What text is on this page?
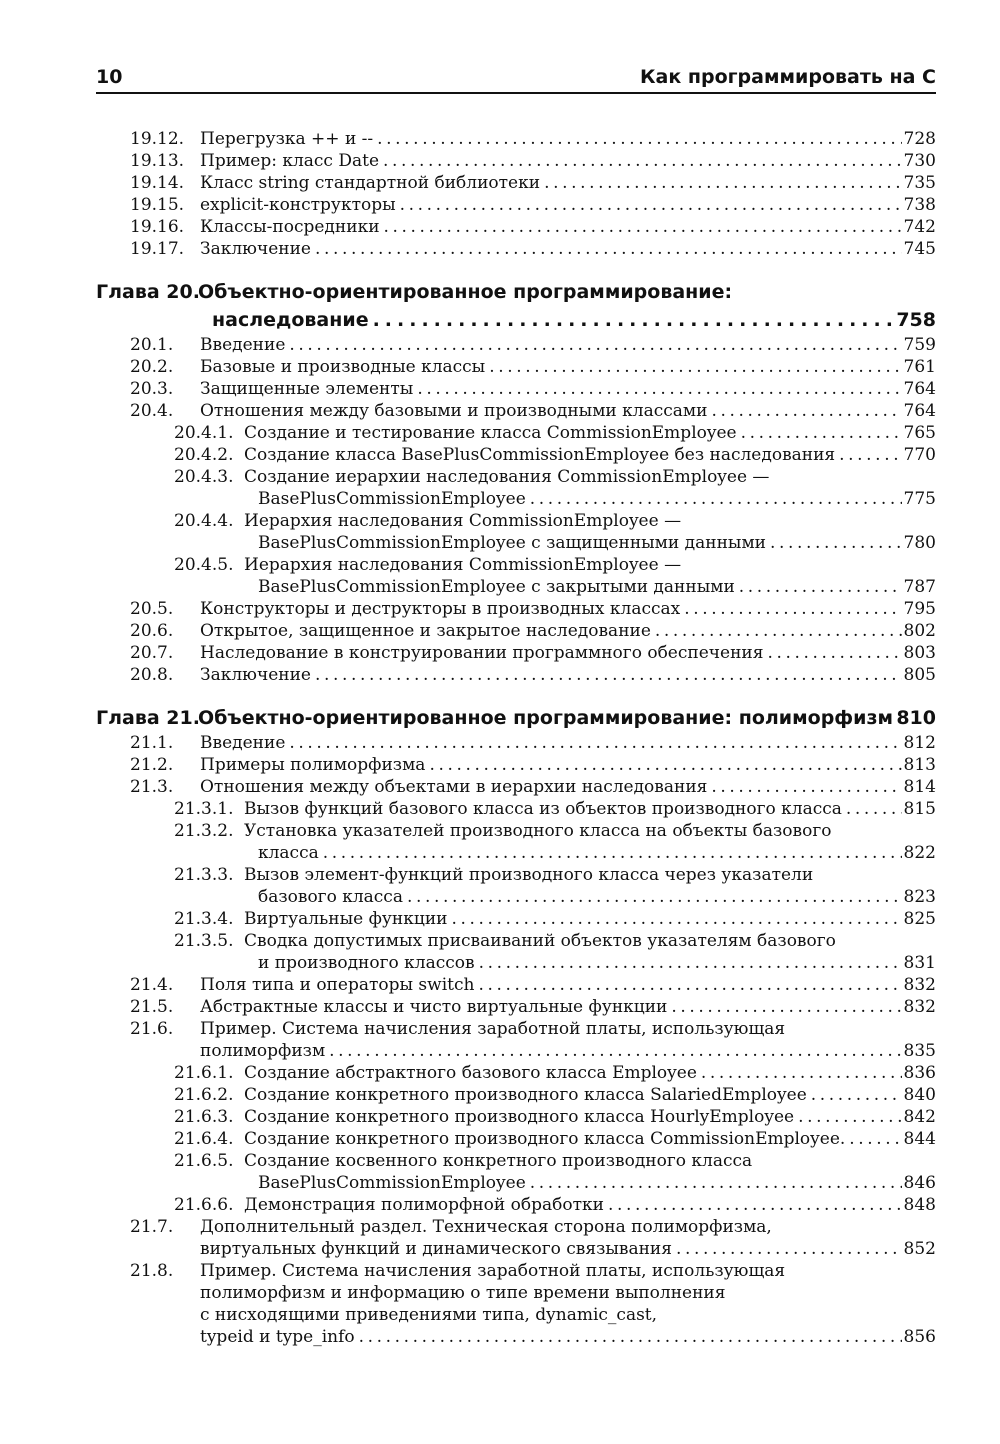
10	Как программировать на C
19.12. Перегрузка ++ и -- .....	728
19.13. Пример: класс Date .....	730
19.14. Класс string стандартной библиотеки .....	735
19.15. explicit-конструкторы .....	738
19.16. Классы-посредники .....	742
19.17. Заключение .....	745
Глава 20.
Объектно-ориентированное программирование:
наследование .....	758
20.1. Введение .....	759
20.2. Базовые и производные классы .....	761
20.3. Защищенные элементы .....	764
20.4. Отношения между базовыми и производными классами .....	764
20.4.1. Создание и тестирование класса CommissionEmployee .....	765
20.4.2. Создание класса BasePlusCommissionEmployee без наследования .....	770
20.4.3. Создание иерархии наследования CommissionEmployee —
BasePlusCommissionEmployee .....	775
20.4.4. Иерархия наследования CommissionEmployee —
BasePlusCommissionEmployee с защищенными данными .....	780
20.4.5. Иерархия наследования CommissionEmployee —
BasePlusCommissionEmployee с закрытыми данными .....	787
20.5. Конструкторы и деструкторы в производных классах .....	795
20.6. Открытое, защищенное и закрытое наследование .....	802
20.7. Наследование в конструировании программного обеспечения .....	803
20.8. Заключение .....	805
Глава 21.
Объектно-ориентированное программирование: полиморфизм 810
21.1. Введение .....	812
21.2. Примеры полиморфизма .....	813
21.3. Отношения между объектами в иерархии наследования .....	814
21.3.1. Вызов функций базового класса из объектов производного класса .....	815
21.3.2. Установка указателей производного класса на объекты базового
класса .....	822
21.3.3. Вызов элемент-функций производного класса через указатели
базового класса .....	823
21.3.4. Виртуальные функции .....	825
21.3.5. Сводка допустимых присваиваний объектов указателям базового
и производного классов .....	831
21.4. Поля типа и операторы switch .....	832
21.5. Абстрактные классы и чисто виртуальные функции .....	832
21.6. Пример. Система начисления заработной платы, использующая
полиморфизм .....	835
21.6.1. Создание абстрактного базового класса Employee .....	836
21.6.2. Создание конкретного производного класса SalariedEmployee .....	840
21.6.3. Создание конкретного производного класса HourlyEmployee .....	842
21.6.4. Создание конкретного производного класса CommissionEmployee. .....	844
21.6.5. Создание косвенного конкретного производного класса
BasePlusCommissionEmployee .....	846
21.6.6. Демонстрация полиморфной обработки .....	848
21.7. Дополнительный раздел. Техническая сторона полиморфизма,
виртуальных функций и динамического связывания .....	852
21.8. Пример. Система начисления заработной платы, использующая
полиморфизм и информацию о типе времени выполнения
с нисходящими приведениями типа, dynamic_cast,
typeid и type_info .....	856
